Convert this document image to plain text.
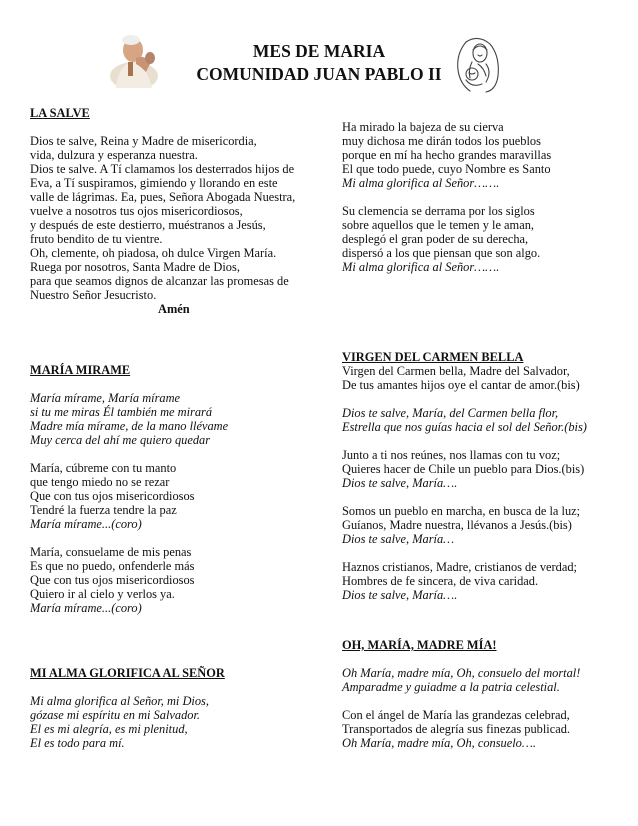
MES DE MARIA
COMUNIDAD JUAN PABLO II

LA SALVE

Dios te salve, Reina y Madre de misericordia,

vida, dulzura y esperanza nuestra.

Dios te salve. A Tí clamamos los desterrados hijos de

Eva, a Tí suspiramos, gimiendo y llorando en este

valle de lágrimas. Ea, pues, Señora Abogada Nuestra,

vuelve a nosotros tus ojos misericordiosos,

y después de este destierro, muéstranos a Jesús,

fruto bendito de tu vientre.

Oh, clemente, oh piadosa, oh dulce Virgen María.

Ruega por nosotros, Santa Madre de Dios,

para que seamos dignos de alcanzar las promesas de

Nuestro Señor Jesucristo.

Amén

Ha mirado la bajeza de su cierva

muy dichosa me dirán todos los pueblos

porque en mí ha hecho grandes maravillas

El que todo puede, cuyo Nombre es Santo

Mi alma glorifica al Señor…….

Su clemencia se derrama por los siglos

sobre aquellos que le temen y le aman,

desplegó el gran poder de su derecha,

dispersó a los que piensan que son algo.

Mi alma glorifica al Señor…….

MARÍA MIRAME

María mírame, María mírame

si tu me miras Él también me mirará

Madre mía mírame, de la mano llévame

Muy cerca del ahí me quiero quedar

María, cúbreme con tu manto

que tengo miedo no se rezar

Que con tus ojos misericordiosos

Tendré la fuerza tendre la paz

María mírame...(coro)

María, consuelame de mis penas

Es que no puedo, onfenderle más

Que con tus ojos misericordiosos

Quiero ir al cielo y verlos ya.

María mírame...(coro)

VIRGEN DEL CARMEN BELLA

Virgen del Carmen bella, Madre del Salvador,

De tus amantes hijos oye el cantar de amor.(bis)

Dios te salve, María, del Carmen bella flor,

Estrella que nos guías hacia el sol del Señor.(bis)

Junto a ti nos reúnes, nos llamas con tu voz;

Quieres hacer de Chile un pueblo para Dios.(bis)

Dios te salve, María….

Somos un pueblo en marcha, en busca de la luz;

Guíanos, Madre nuestra, llévanos a Jesús.(bis)

Dios te salve, María…

Haznos cristianos, Madre, cristianos de verdad;

Hombres de fe sincera, de viva caridad.

Dios te salve, María….

MI ALMA GLORIFICA AL SEÑOR

Mi alma glorifica al Señor, mi Dios,

gózase mi espíritu en mi Salvador.

El es mi alegría, es mi plenitud,

El es todo para mí.

OH, MARÍA, MADRE MÍA!

Oh María, madre mía, Oh, consuelo del mortal!

Amparadme y guiadme a la patria celestial.

Con el ángel de María las grandezas celebrad,

Transportados de alegría sus finezas publicad.

Oh María, madre mía, Oh, consuelo….
